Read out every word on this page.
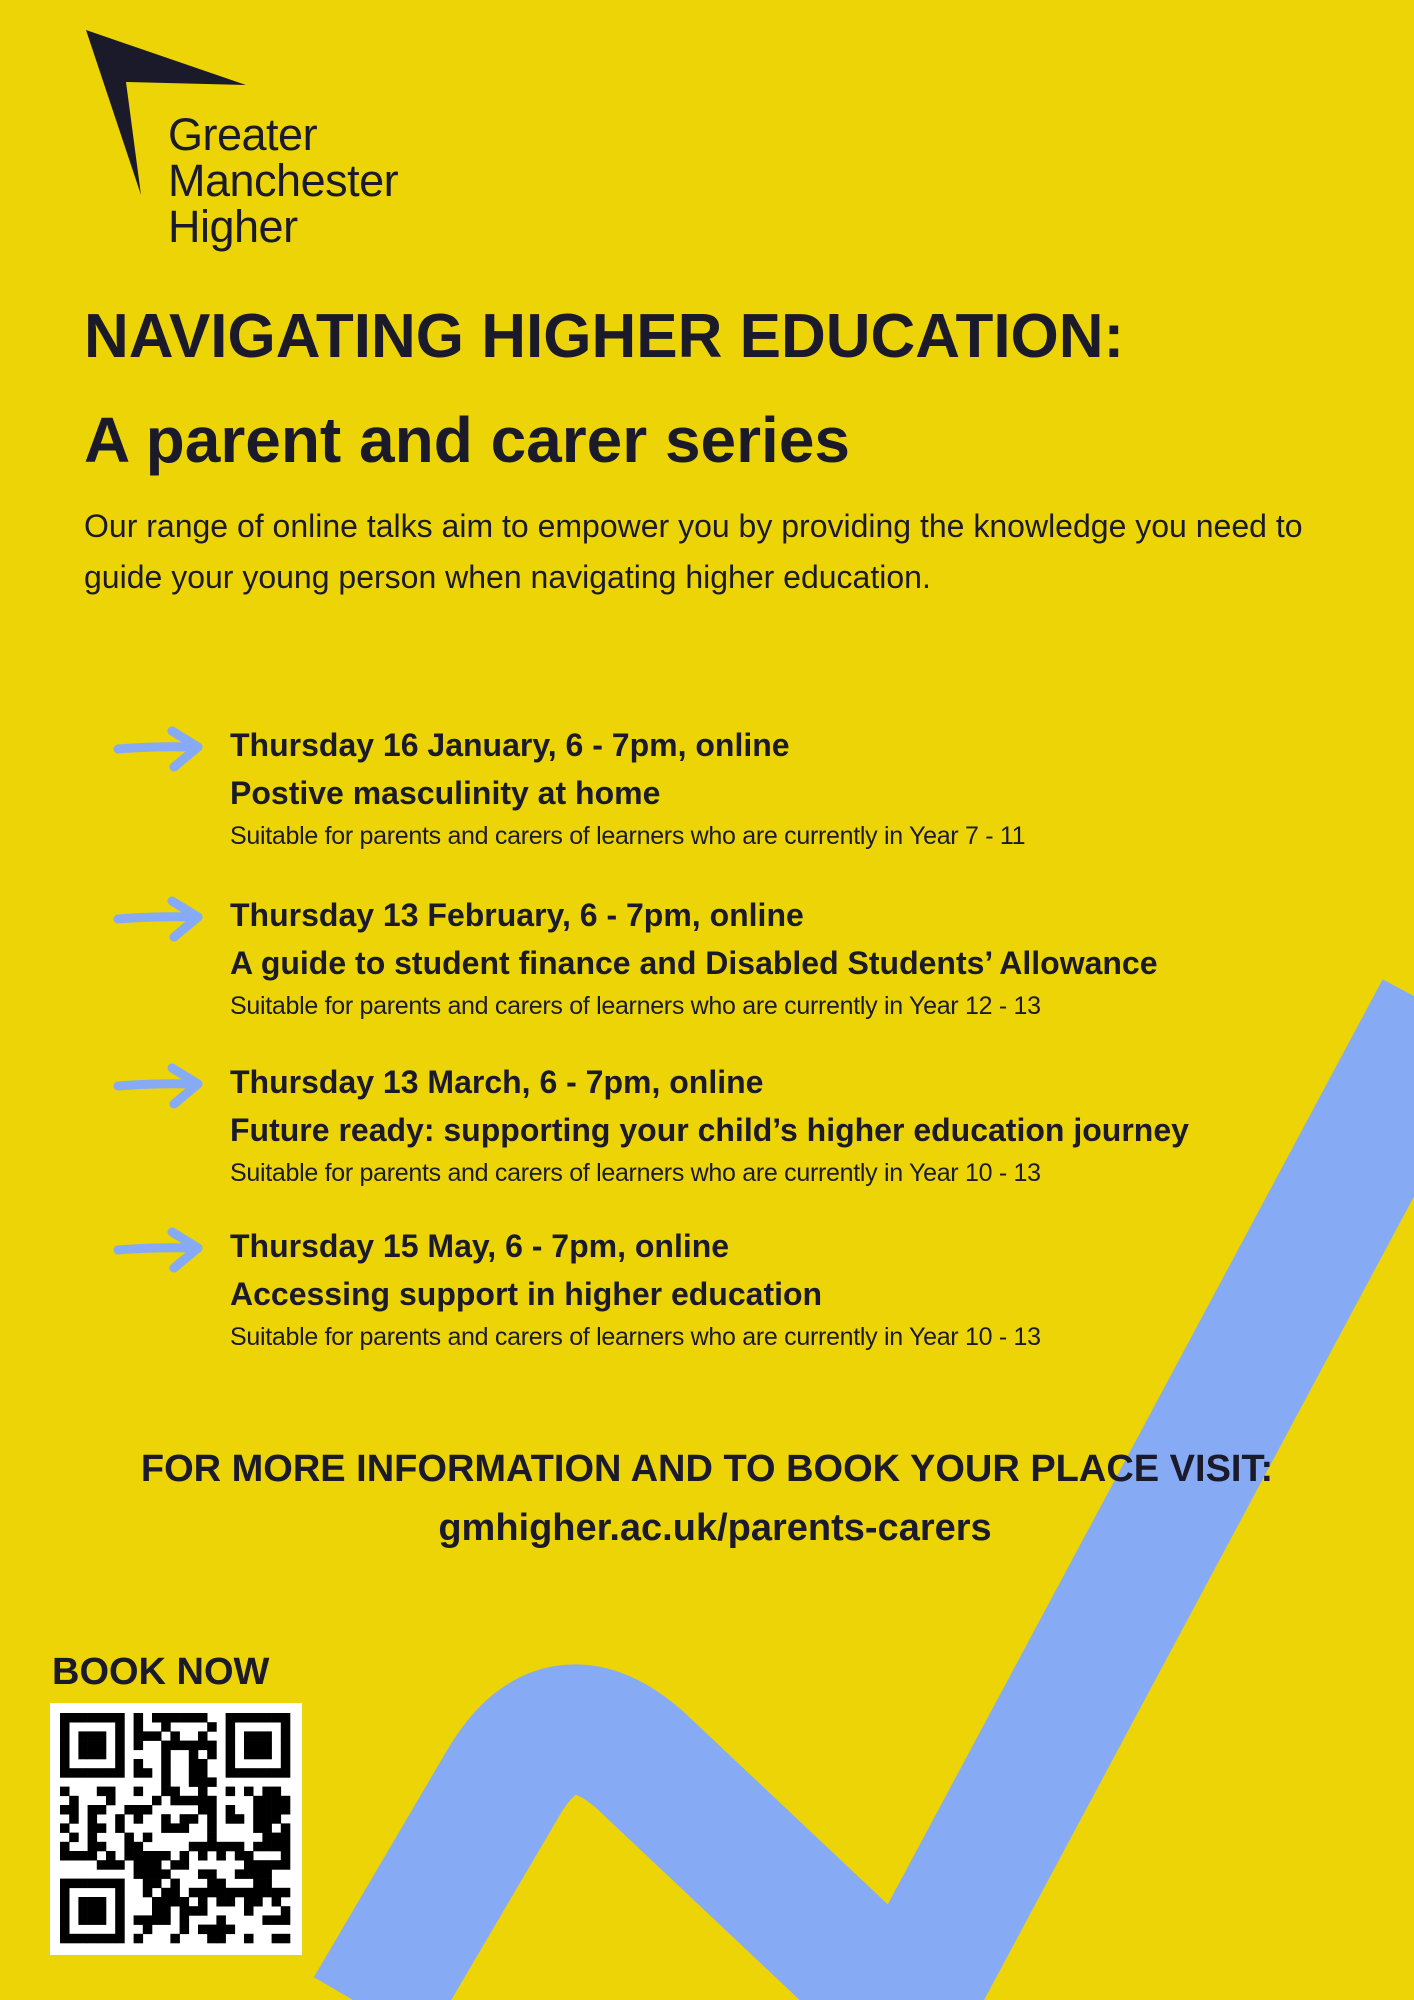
Greater
Manchester
Higher
NAVIGATING HIGHER EDUCATION:
A parent and carer series

Our range of online talks aim to empower you by providing the knowledge you need to guide your young person when navigating higher education.

Thursday 16 January, 6 - 7pm, online
Postive masculinity at home
Suitable for parents and carers of learners who are currently in Year 7 - 11
Thursday 13 February, 6 - 7pm, online
A guide to student finance and Disabled Students’ Allowance
Suitable for parents and carers of learners who are currently in Year 12 - 13
Thursday 13 March, 6 - 7pm, online
Future ready: supporting your child’s higher education journey
Suitable for parents and carers of learners who are currently in Year 10 - 13
Thursday 15 May, 6 - 7pm, online
Accessing support in higher education
Suitable for parents and carers of learners who are currently in Year 10 - 13
FOR MORE INFORMATION AND TO BOOK YOUR PLACE VISIT:
gmhigher.ac.uk/parents-carers
BOOK NOW
